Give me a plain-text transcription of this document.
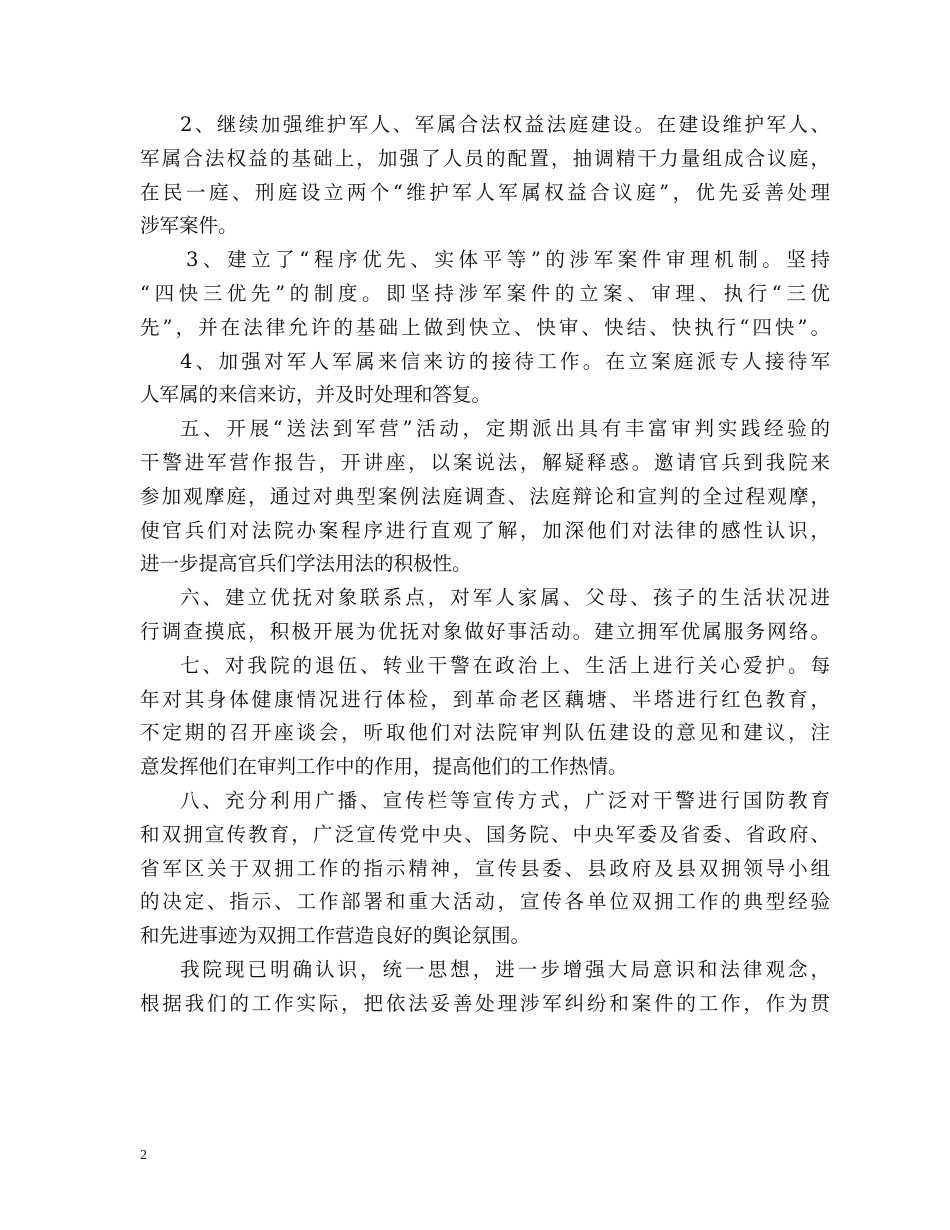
2、继续加强维护军人、军属合法权益法庭建设。在建设维护军人、
军属合法权益的基础上，加强了人员的配置，抽调精干力量组成合议庭，
在民一庭、刑庭设立两个“维护军人军属权益合议庭”，优先妥善处理
涉军案件。
3、建立了“程序优先、实体平等”的涉军案件审理机制。坚持
“四快三优先”的制度。即坚持涉军案件的立案、审理、执行“三优
先”，并在法律允许的基础上做到快立、快审、快结、快执行“四快”。
4、加强对军人军属来信来访的接待工作。在立案庭派专人接待军
人军属的来信来访，并及时处理和答复。
五、开展“送法到军营”活动，定期派出具有丰富审判实践经验的
干警进军营作报告，开讲座，以案说法，解疑释惑。邀请官兵到我院来
参加观摩庭，通过对典型案例法庭调查、法庭辩论和宣判的全过程观摩，
使官兵们对法院办案程序进行直观了解，加深他们对法律的感性认识，
进一步提高官兵们学法用法的积极性。
六、建立优抚对象联系点，对军人家属、父母、孩子的生活状况进
行调查摸底，积极开展为优抚对象做好事活动。建立拥军优属服务网络。
七、对我院的退伍、转业干警在政治上、生活上进行关心爱护。每
年对其身体健康情况进行体检，到革命老区藕塘、半塔进行红色教育，
不定期的召开座谈会，听取他们对法院审判队伍建设的意见和建议，注
意发挥他们在审判工作中的作用，提高他们的工作热情。
八、充分利用广播、宣传栏等宣传方式，广泛对干警进行国防教育
和双拥宣传教育，广泛宣传党中央、国务院、中央军委及省委、省政府、
省军区关于双拥工作的指示精神，宣传县委、县政府及县双拥领导小组
的决定、指示、工作部署和重大活动，宣传各单位双拥工作的典型经验
和先进事迹为双拥工作营造良好的舆论氛围。
我院现已明确认识，统一思想，进一步增强大局意识和法律观念，
根据我们的工作实际，把依法妥善处理涉军纠纷和案件的工作，作为贯
2
